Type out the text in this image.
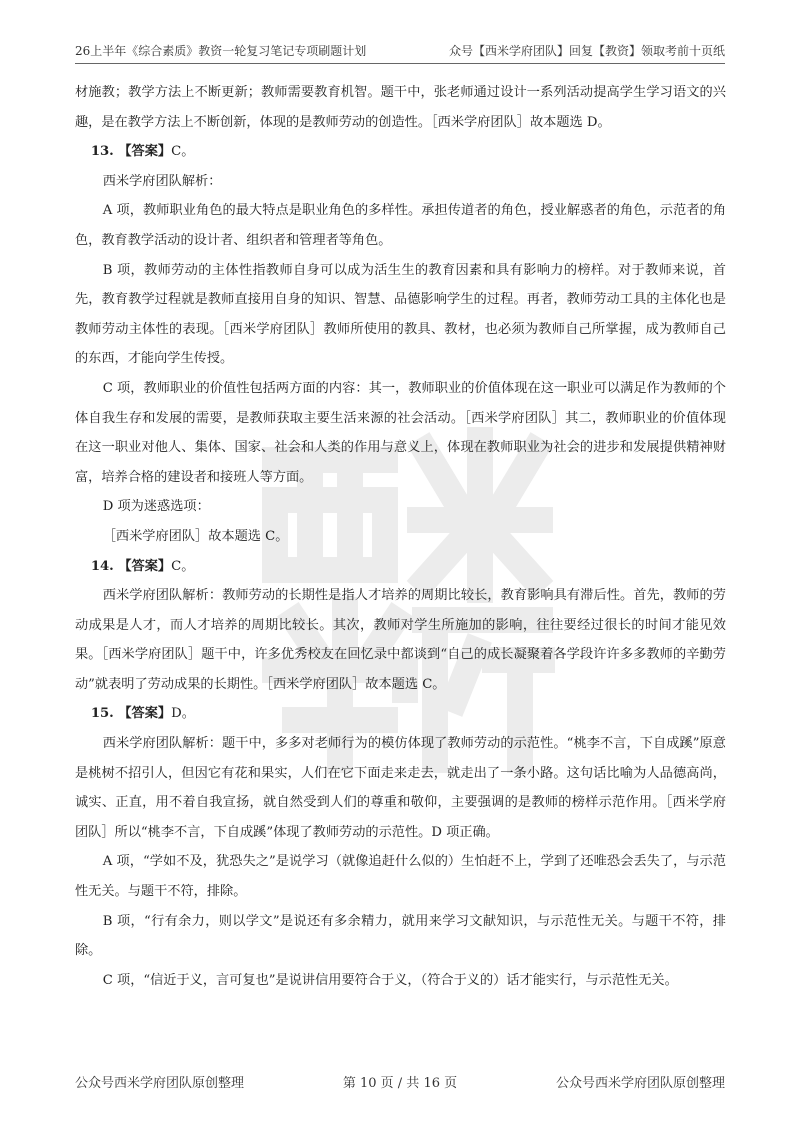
26上半年《综合素质》教资一轮复习笔记专项刷题计划	众号【西米学府团队】回复【教资】领取考前十页纸

材施教；教学方法上不断更新；教师需要教育机智。题干中，张老师通过设计一系列活动提高学生学习语文的兴趣，是在教学方法上不断创新，体现的是教师劳动的创造性。［西米学府团队］故本题选 D。

13. 【答案】C。

西米学府团队解析：

A 项，教师职业角色的最大特点是职业角色的多样性。承担传道者的角色，授业解惑者的角色，示范者的角色，教育教学活动的设计者、组织者和管理者等角色。

B 项，教师劳动的主体性指教师自身可以成为活生生的教育因素和具有影响力的榜样。对于教师来说，首先，教育教学过程就是教师直接用自身的知识、智慧、品德影响学生的过程。再者，教师劳动工具的主体化也是教师劳动主体性的表现。［西米学府团队］教师所使用的教具、教材，也必须为教师自己所掌握，成为教师自己的东西，才能向学生传授。

C 项，教师职业的价值性包括两方面的内容：其一，教师职业的价值体现在这一职业可以满足作为教师的个体自我生存和发展的需要，是教师获取主要生活来源的社会活动。［西米学府团队］其二，教师职业的价值体现在这一职业对他人、集体、国家、社会和人类的作用与意义上，体现在教师职业为社会的进步和发展提供精神财富，培养合格的建设者和接班人等方面。

D 项为迷惑选项：

［西米学府团队］故本题选 C。

14. 【答案】C。

西米学府团队解析：教师劳动的长期性是指人才培养的周期比较长，教育影响具有滞后性。首先，教师的劳动成果是人才，而人才培养的周期比较长。其次，教师对学生所施加的影响，往往要经过很长的时间才能见效果。［西米学府团队］题干中，许多优秀校友在回忆录中都谈到“自己的成长凝聚着各学段许许多多教师的辛勤劳动”就表明了劳动成果的长期性。［西米学府团队］故本题选 C。

15. 【答案】D。

西米学府团队解析：题干中，多多对老师行为的模仿体现了教师劳动的示范性。“桃李不言，下自成蹊”原意是桃树不招引人，但因它有花和果实，人们在它下面走来走去，就走出了一条小路。这句话比喻为人品德高尚，诚实、正直，用不着自我宣扬，就自然受到人们的尊重和敬仰，主要强调的是教师的榜样示范作用。［西米学府团队］所以“桃李不言，下自成蹊”体现了教师劳动的示范性。D 项正确。

A 项，“学如不及，犹恐失之”是说学习（就像追赶什么似的）生怕赶不上，学到了还唯恐会丢失了，与示范性无关。与题干不符，排除。

B 项，“行有余力，则以学文”是说还有多余精力，就用来学习文献知识，与示范性无关。与题干不符，排除。

C 项，“信近于义，言可复也”是说讲信用要符合于义，（符合于义的）话才能实行，与示范性无关。

公众号西米学府团队原创整理	第 10 页 / 共 16 页	公众号西米学府团队原创整理
